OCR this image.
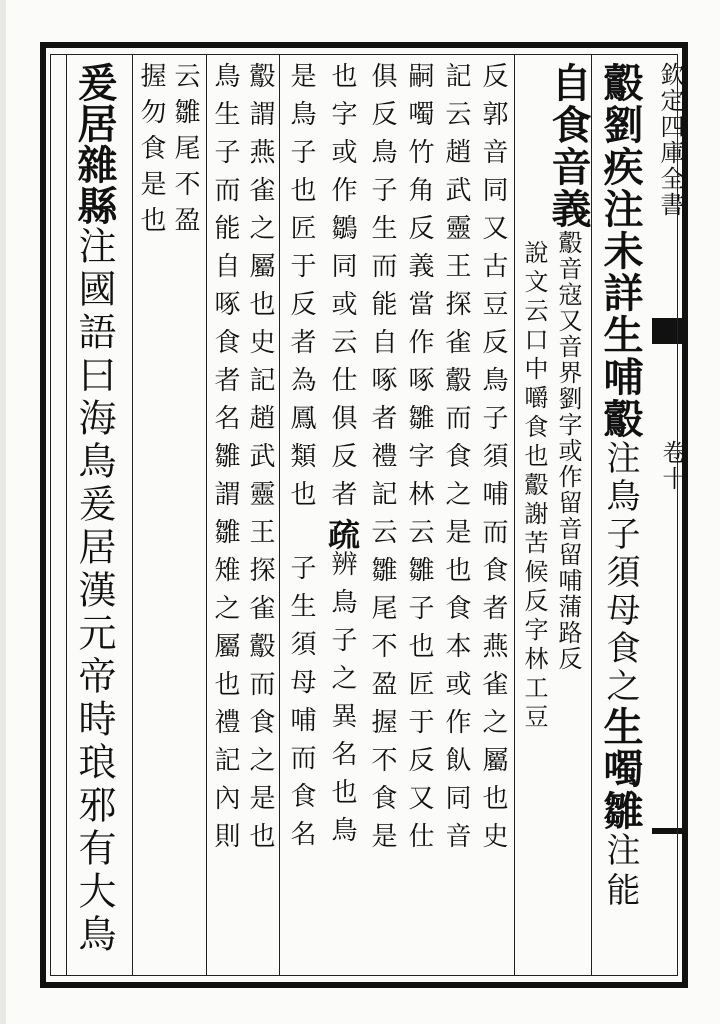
欽定四庫全書
卷十
鷇劉疾注未詳生哺鷇注鳥子須母食之生噣雛注能
自食音義鷇音寇又音界劉字或作留音留哺蒲路反
說文云口中嚼食也鷇謝苦候反字林工豆
反郭音同又古豆反鳥子須哺而食者燕雀之屬也史
記云趙武靈王探雀鷇而食之是也食本或作飤同音
嗣噣竹角反義當作啄雛字林云雛子也匠于反又仕
俱反鳥子生而能自啄者禮記云雛尾不盈握不食是
也字或作鶵同或云仕俱反者疏辨鳥子之異名也鳥
是鳥子也匠于反者為鳳類也 子生須母哺而食名
鷇謂燕雀之屬也史記趙武靈王探雀鷇而食之是也
鳥生子而能自啄食者名雛謂雛雉之屬也禮記內則
云雛尾不盈
握勿食是也
爰居雜縣注國語曰海鳥爰居漢元帝時琅邪有大鳥
